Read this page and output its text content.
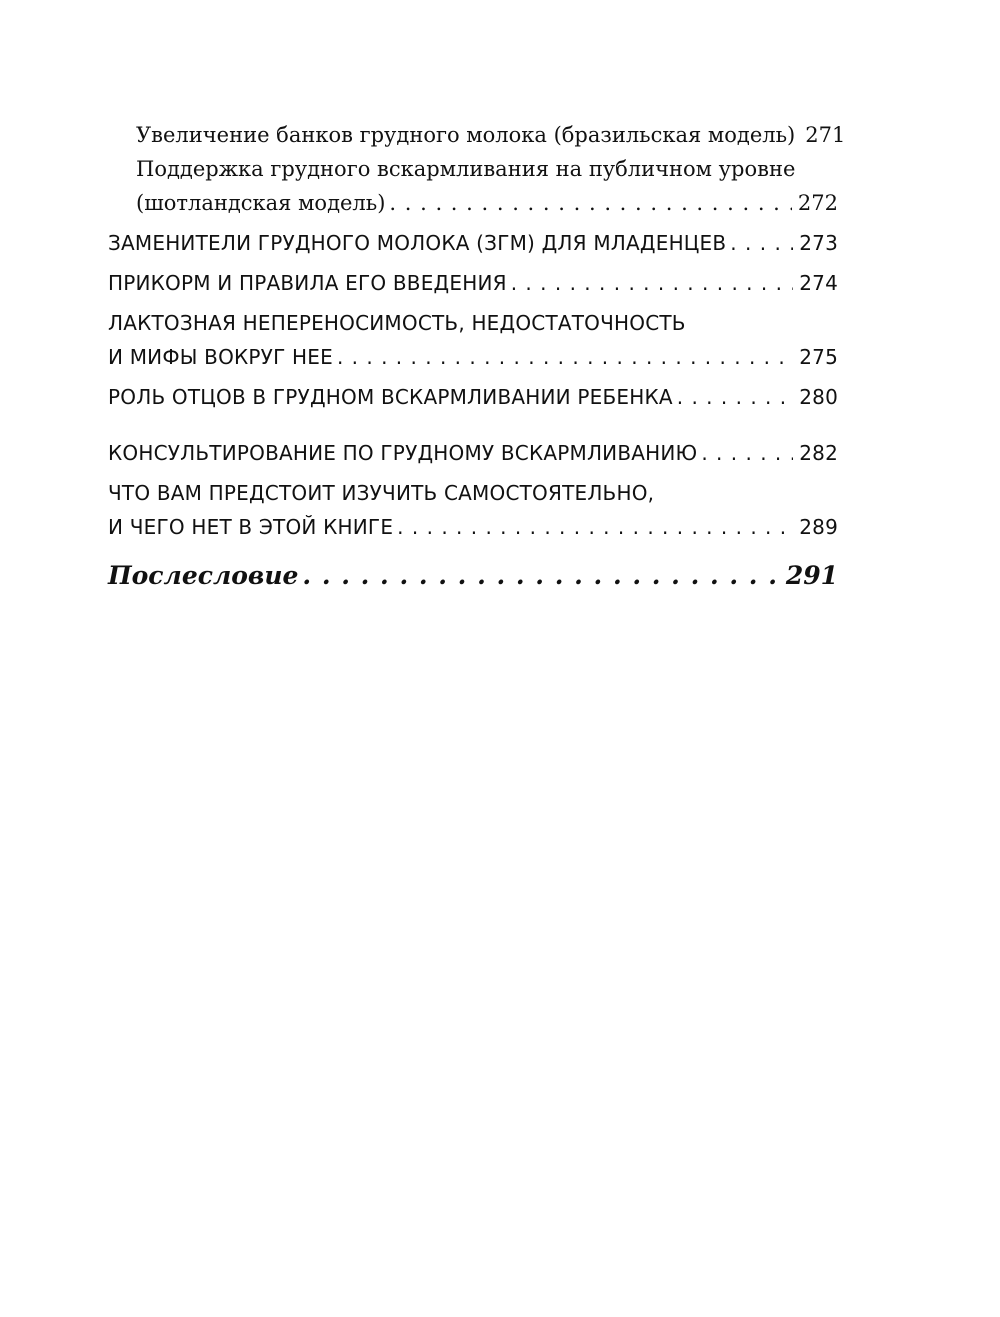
Увеличение банков грудного молока (бразильская модель) 271
Поддержка грудного вскармливания на публичном уровне
(шотландская модель) . . .	272
ЗАМЕНИТЕЛИ ГРУДНОГО МОЛОКА (ЗГМ) ДЛЯ МЛАДЕНЦЕВ . . .	273
ПРИКОРМ И ПРАВИЛА ЕГО ВВЕДЕНИЯ . . .	274
ЛАКТОЗНАЯ НЕПЕРЕНОСИМОСТЬ, НЕДОСТАТОЧНОСТЬ
И МИФЫ ВОКРУГ НЕЕ . . .	275
РОЛЬ ОТЦОВ В ГРУДНОМ ВСКАРМЛИВАНИИ РЕБЕНКА . . .	280
КОНСУЛЬТИРОВАНИЕ ПО ГРУДНОМУ ВСКАРМЛИВАНИЮ . . .	282
ЧТО ВАМ ПРЕДСТОИТ ИЗУЧИТЬ САМОСТОЯТЕЛЬНО,
И ЧЕГО НЕТ В ЭТОЙ КНИГЕ . . .	289
Послесловие . . .	291
